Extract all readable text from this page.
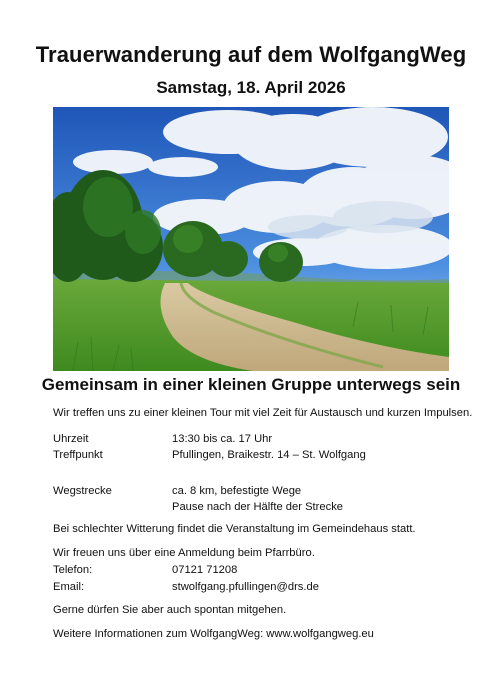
Trauerwanderung auf dem WolfgangWeg
Samstag, 18. April 2026
Gemeinsam in einer kleinen Gruppe unterwegs sein
Wir treffen uns zu einer kleinen Tour mit viel Zeit für Austausch und kurzen Impulsen.
Uhrzeit	13:30 bis ca. 17 Uhr
Treffpunkt	Pfullingen, Braikestr. 14 – St. Wolfgang
Wegstrecke	ca. 8 km, befestigte Wege
Pause nach der Hälfte der Strecke
Bei schlechter Witterung findet die Veranstaltung im Gemeindehaus statt.
Wir freuen uns über eine Anmeldung beim Pfarrbüro.
Telefon:	07121 71208
Email:	stwolfgang.pfullingen@drs.de
Gerne dürfen Sie aber auch spontan mitgehen.
Weitere Informationen zum WolfgangWeg: www.wolfgangweg.eu
